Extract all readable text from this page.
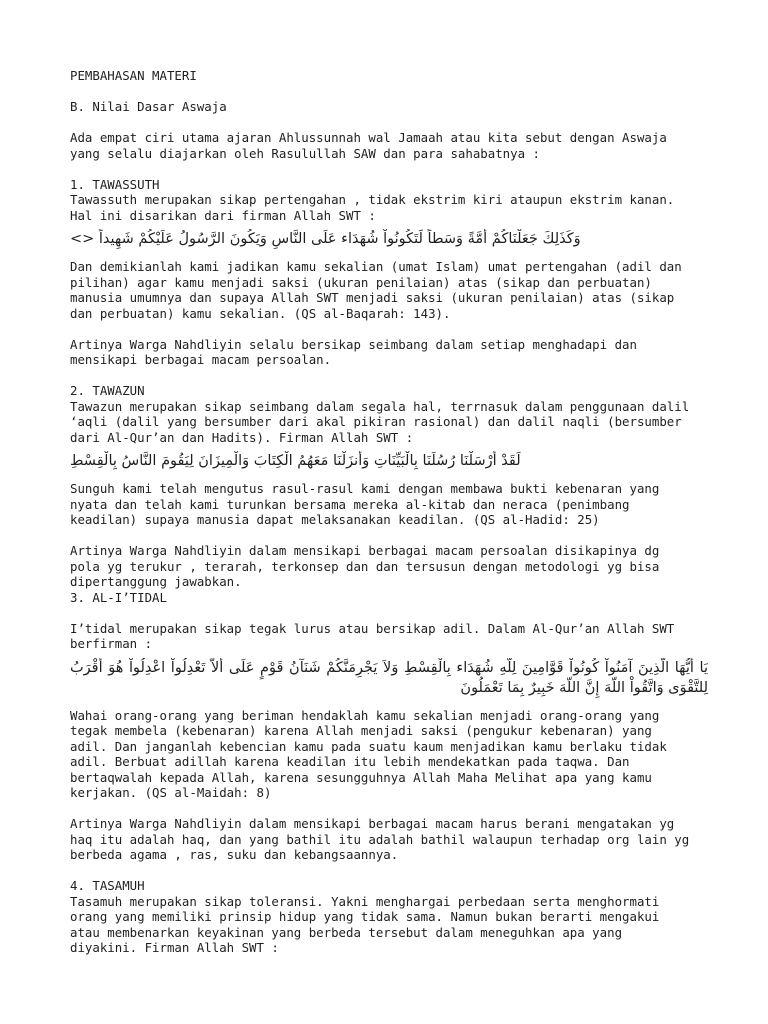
PEMBAHASAN MATERI

B. Nilai Dasar Aswaja

Ada empat ciri utama ajaran Ahlussunnah wal Jamaah atau kita sebut dengan Aswaja
yang selalu diajarkan oleh Rasulullah SAW dan para sahabatnya :

1. TAWASSUTH

Tawassuth merupakan sikap pertengahan , tidak ekstrim kiri ataupun ekstrim kanan.
Hal ini disarikan dari firman Allah SWT :

وَكَذَلِكَ جَعَلْنَاكُمْ أُمَّةً وَسَطاً لِّتَكُونُواْ شُهَدَاء عَلَى النَّاسِ وَيَكُونَ الرَّسُولُ عَلَيْكُمْ شَهِيداً <>

Dan demikianlah kami jadikan kamu sekalian (umat Islam) umat pertengahan (adil dan
pilihan) agar kamu menjadi saksi (ukuran penilaian) atas (sikap dan perbuatan)
manusia umumnya dan supaya Allah SWT menjadi saksi (ukuran penilaian) atas (sikap
dan perbuatan) kamu sekalian. (QS al-Baqarah: 143).

Artinya Warga Nahdliyin selalu bersikap seimbang dalam setiap menghadapi dan
mensikapi berbagai macam persoalan.

2. TAWAZUN

Tawazun merupakan sikap seimbang dalam segala hal, terrnasuk dalam penggunaan dalil
‘aqli (dalil yang bersumber dari akal pikiran rasional) dan dalil naqli (bersumber
dari Al-Qur’an dan Hadits). Firman Allah SWT :

لَقَدْ أَرْسَلْنَا رُسُلَنَا بِالْبَيِّنَاتِ وَأَنزَلْنَا مَعَهُمُ الْكِتَابَ وَالْمِيزَانَ لِيَقُومَ النَّاسُ بِالْقِسْطِ

Sunguh kami telah mengutus rasul-rasul kami dengan membawa bukti kebenaran yang
nyata dan telah kami turunkan bersama mereka al-kitab dan neraca (penimbang
keadilan) supaya manusia dapat melaksanakan keadilan. (QS al-Hadid: 25)

Artinya Warga Nahdliyin dalam mensikapi berbagai macam persoalan disikapinya dg
pola yg terukur , terarah, terkonsep dan dan tersusun dengan metodologi yg bisa
dipertanggung jawabkan.

3. AL-I’TIDAL

I’tidal merupakan sikap tegak lurus atau bersikap adil. Dalam Al-Qur’an Allah SWT
berfirman :

يَا أَيُّهَا الَّذِينَ آمَنُواْ كُونُواْ قَوَّامِينَ لِلّهِ شُهَدَاء بِالْقِسْطِ وَلاَ يَجْرِمَنَّكُمْ شَنَآنُ قَوْمٍ عَلَى أَلاَّ تَعْدِلُواْ اعْدِلُواْ هُوَ أَقْرَبُ لِلتَّقْوَى وَاتَّقُواْ اللّهَ إِنَّ اللّهَ خَبِيرٌ بِمَا تَعْمَلُونَ

Wahai orang-orang yang beriman hendaklah kamu sekalian menjadi orang-orang yang
tegak membela (kebenaran) karena Allah menjadi saksi (pengukur kebenaran) yang
adil. Dan janganlah kebencian kamu pada suatu kaum menjadikan kamu berlaku tidak
adil. Berbuat adillah karena keadilan itu lebih mendekatkan pada taqwa. Dan
bertaqwalah kepada Allah, karena sesungguhnya Allah Maha Melihat apa yang kamu
kerjakan. (QS al-Maidah: 8)

Artinya Warga Nahdliyin dalam mensikapi berbagai macam harus berani mengatakan yg
haq itu adalah haq, dan yang bathil itu adalah bathil walaupun terhadap org lain yg
berbeda agama , ras, suku dan kebangsaannya.

4. TASAMUH

Tasamuh merupakan sikap toleransi. Yakni menghargai perbedaan serta menghormati
orang yang memiliki prinsip hidup yang tidak sama. Namun bukan berarti mengakui
atau membenarkan keyakinan yang berbeda tersebut dalam meneguhkan apa yang
diyakini. Firman Allah SWT :
